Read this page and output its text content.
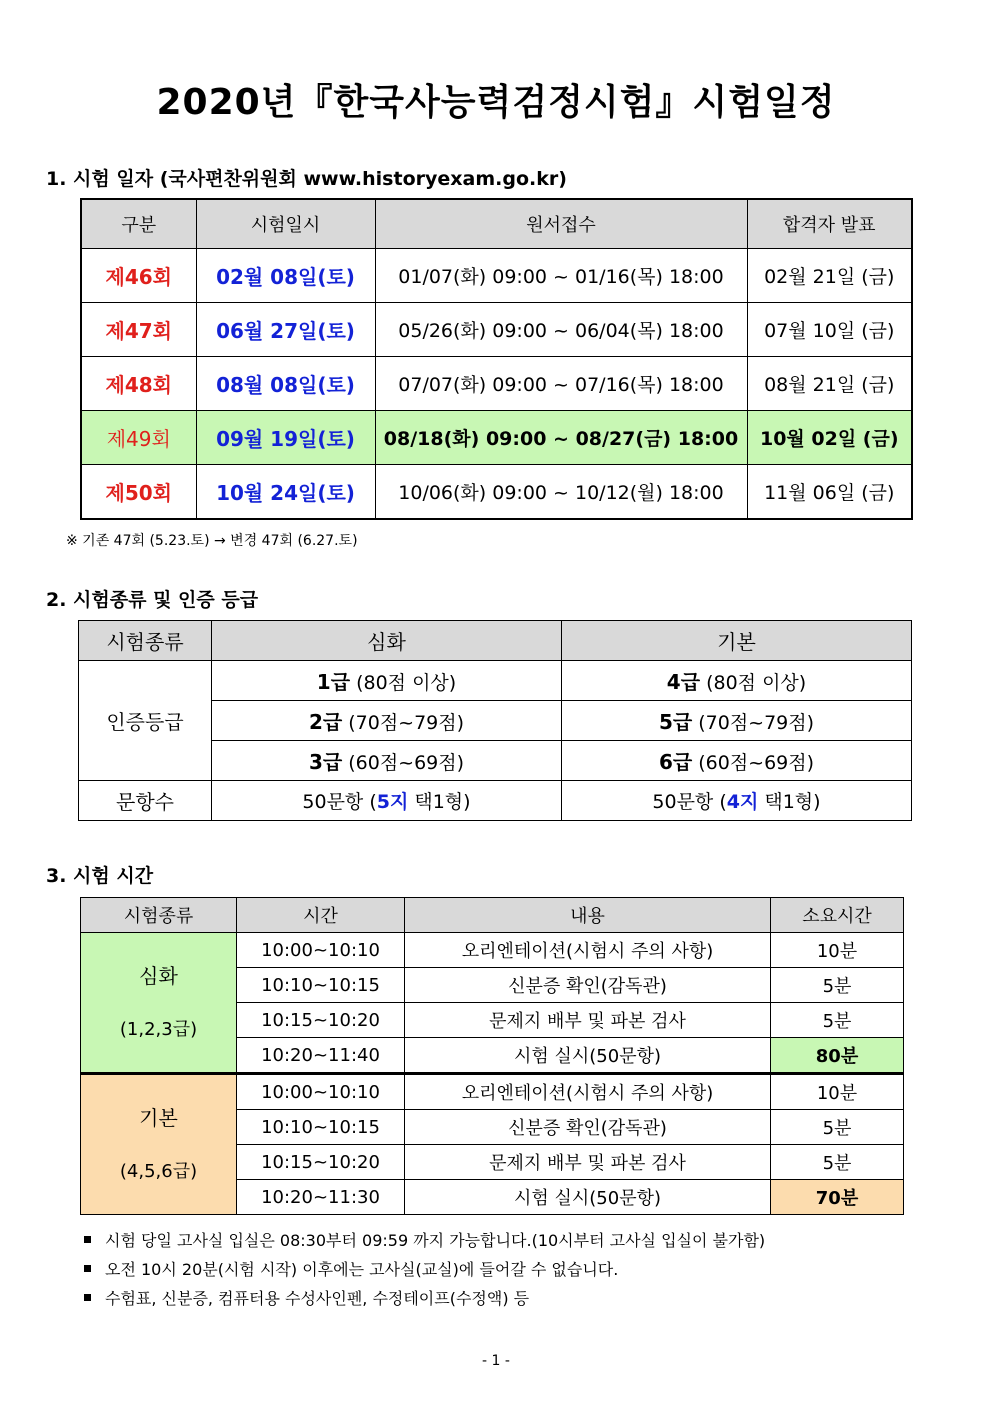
2020년『한국사능력검정시험』시험일정
1. 시험 일자 (국사편찬위원회 www.historyexam.go.kr)
구분	시험일시	원서접수	합격자 발표
제46회	02월 08일(토)	01/07(화) 09:00 ~ 01/16(목) 18:00	02월 21일 (금)
제47회	06월 27일(토)	05/26(화) 09:00 ~ 06/04(목) 18:00	07월 10일 (금)
제48회	08월 08일(토)	07/07(화) 09:00 ~ 07/16(목) 18:00	08월 21일 (금)
제49회	09월 19일(토)	08/18(화) 09:00 ~ 08/27(금) 18:00	10월 02일 (금)
제50회	10월 24일(토)	10/06(화) 09:00 ~ 10/12(월) 18:00	11월 06일 (금)
※ 기존 47회 (5.23.토) → 변경 47회 (6.27.토)
2. 시험종류 및 인증 등급
시험종류	심화	기본
인증등급	1급 (80점 이상)	4급 (80점 이상)
	2급 (70점~79점)	5급 (70점~79점)
	3급 (60점~69점)	6급 (60점~69점)
문항수	50문항 (5지 택1형)	50문항 (4지 택1형)
3. 시험 시간
시험종류	시간	내용	소요시간

심화
(1,2,3급)	10:00~10:10	오리엔테이션(시험시 주의 사항)	10분
	10:10~10:15	신분증 확인(감독관)	5분
	10:15~10:20	문제지 배부 및 파본 검사	5분
	10:20~11:40	시험 실시(50문항)	80분

기본
(4,5,6급)	10:00~10:10	오리엔테이션(시험시 주의 사항)	10분
	10:10~10:15	신분증 확인(감독관)	5분
	10:15~10:20	문제지 배부 및 파본 검사	5분
	10:20~11:30	시험 실시(50문항)	70분
시험 당일 고사실 입실은 08:30부터 09:59 까지 가능합니다.(10시부터 고사실 입실이 불가함)
오전 10시 20분(시험 시작) 이후에는 고사실(교실)에 들어갈 수 없습니다.
수험표, 신분증, 컴퓨터용 수성사인펜, 수정테이프(수정액) 등
- 1 -
